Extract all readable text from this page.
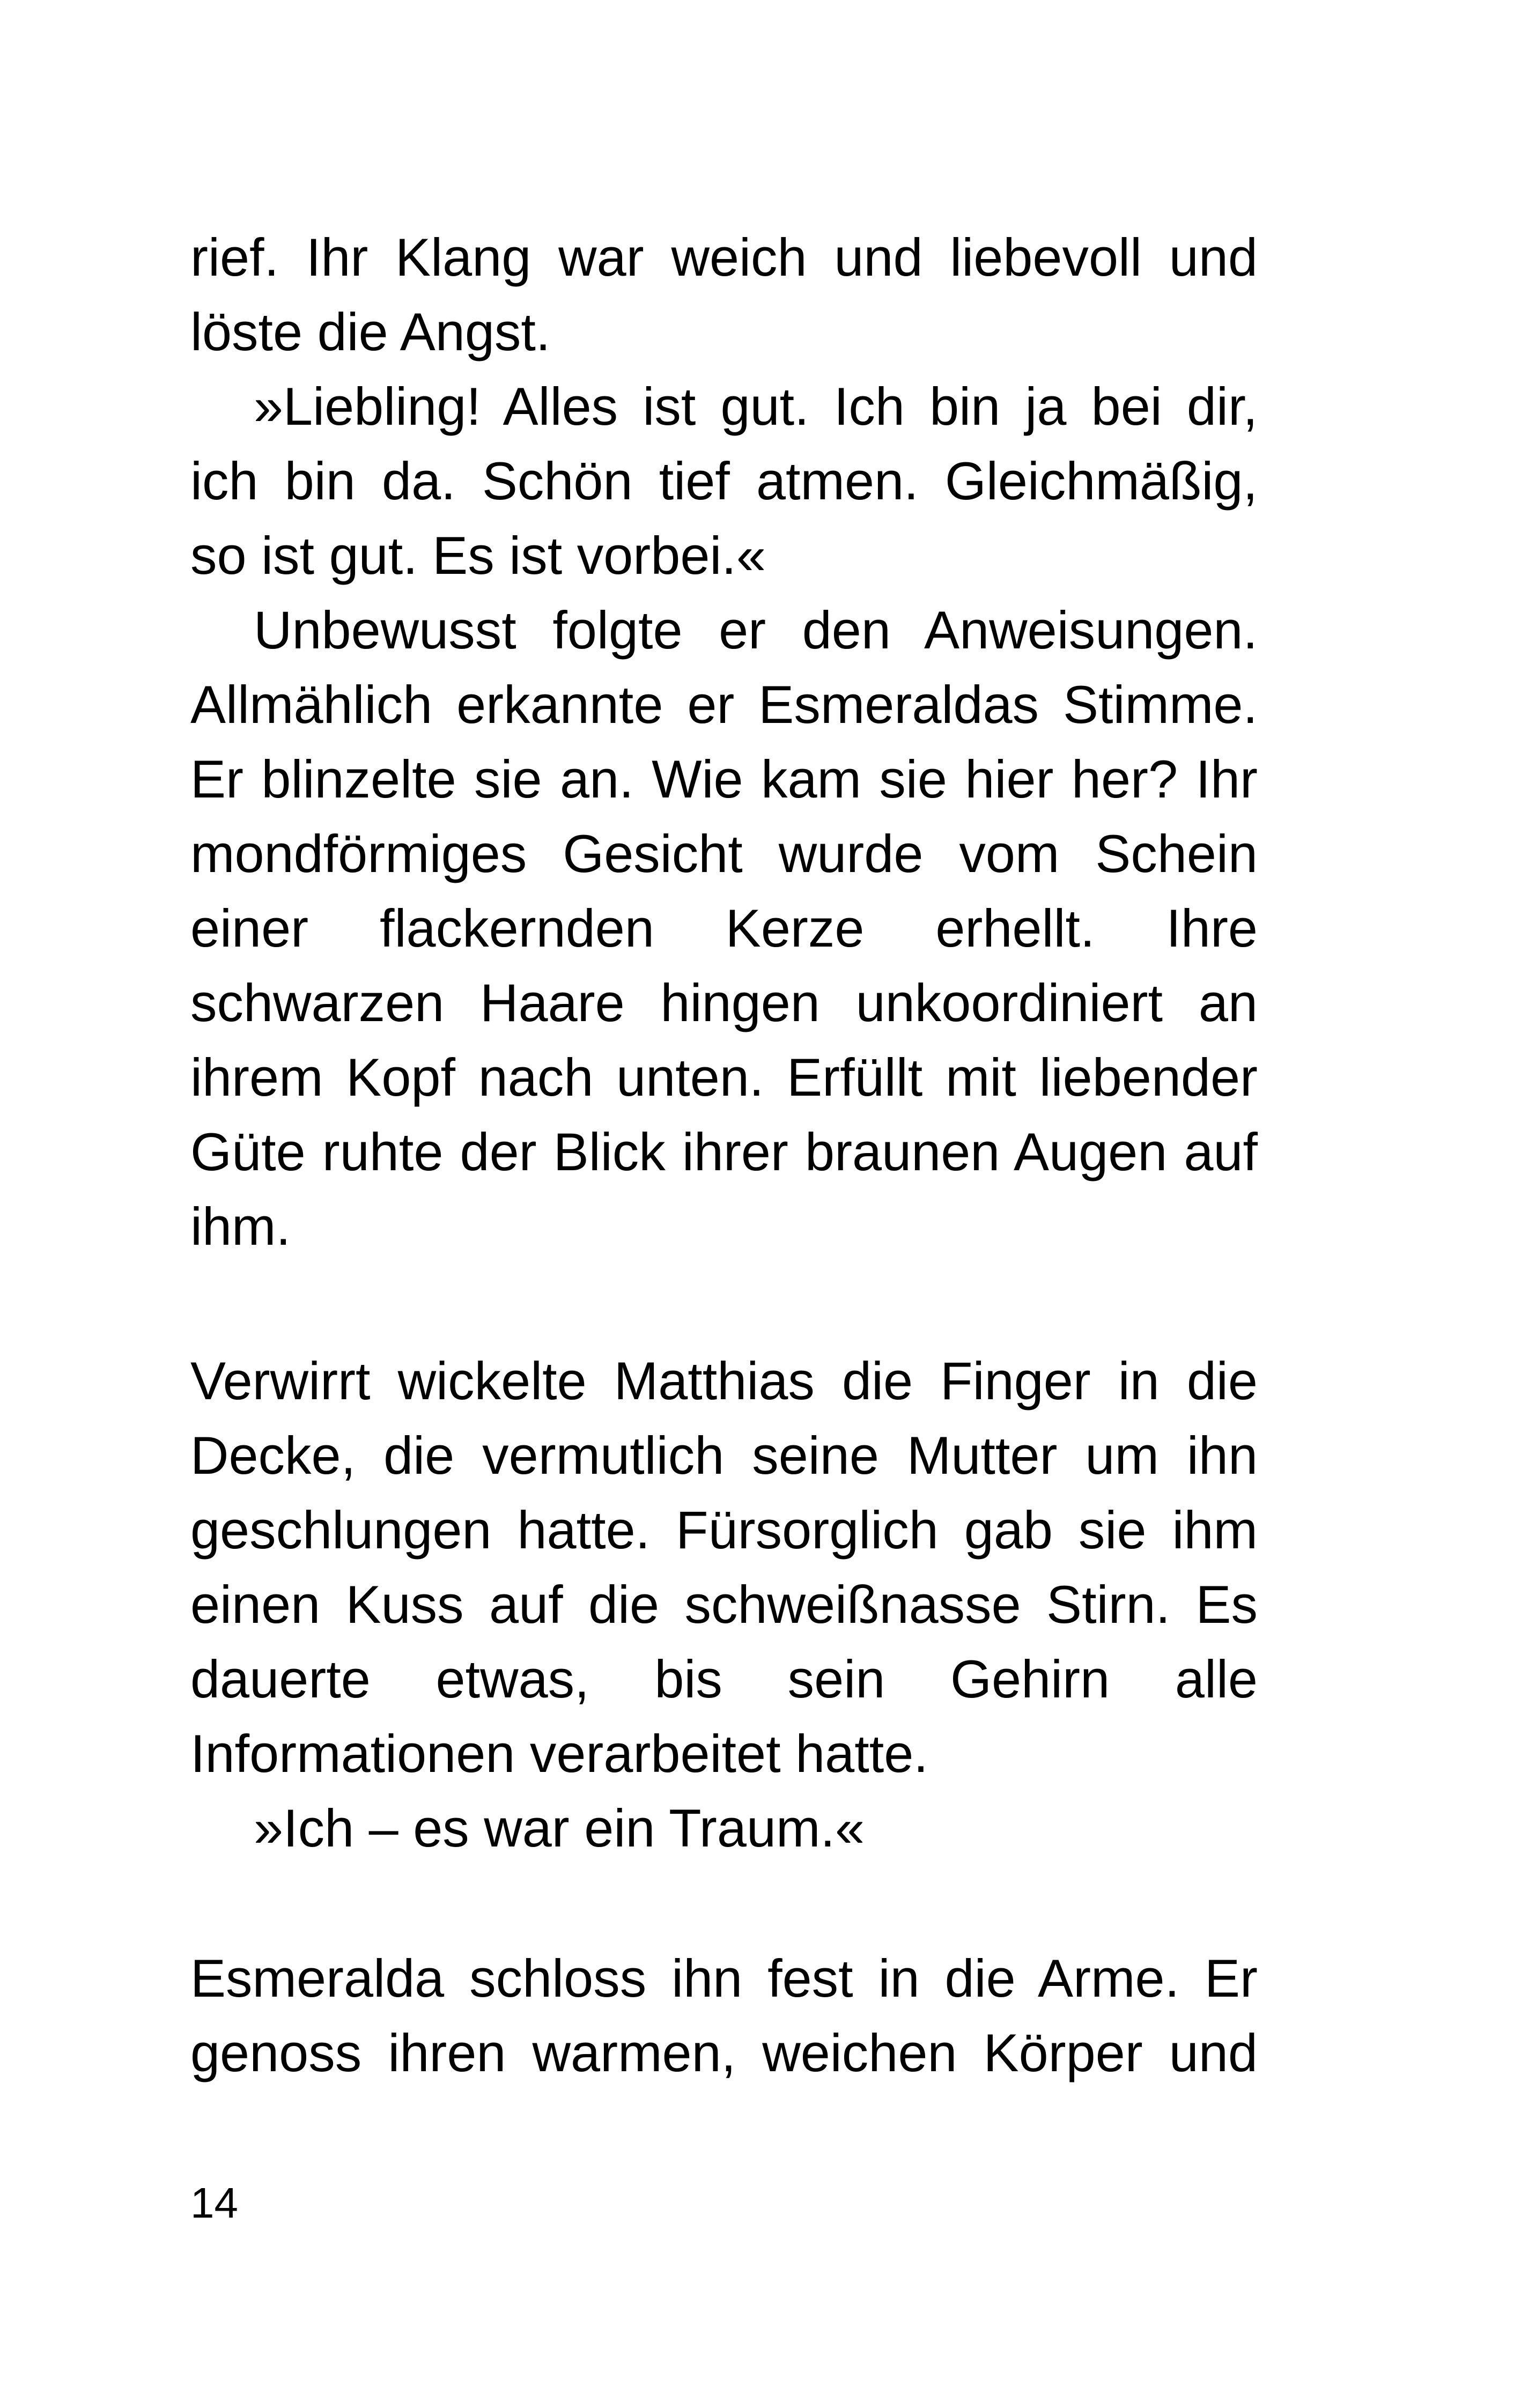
rief. Ihr Klang war weich und liebevoll und löste die Angst.

»Liebling! Alles ist gut. Ich bin ja bei dir, ich bin da. Schön tief atmen. Gleichmäßig, so ist gut. Es ist vorbei.«

Unbewusst folgte er den Anweisungen. Allmählich erkannte er Esmeraldas Stimme. Er blinzelte sie an. Wie kam sie hier her? Ihr mondförmiges Gesicht wurde vom Schein einer flackernden Kerze erhellt. Ihre schwarzen Haare hingen unkoordiniert an ihrem Kopf nach unten. Erfüllt mit liebender Güte ruhte der Blick ihrer braunen Augen auf ihm.

Verwirrt wickelte Matthias die Finger in die Decke, die vermutlich seine Mutter um ihn geschlungen hatte. Fürsorglich gab sie ihm einen Kuss auf die schweißnasse Stirn. Es dauerte etwas, bis sein Gehirn alle Informationen verarbeitet hatte.

»Ich – es war ein Traum.«

Esmeralda schloss ihn fest in die Arme. Er genoss ihren warmen, weichen Körper und

14
